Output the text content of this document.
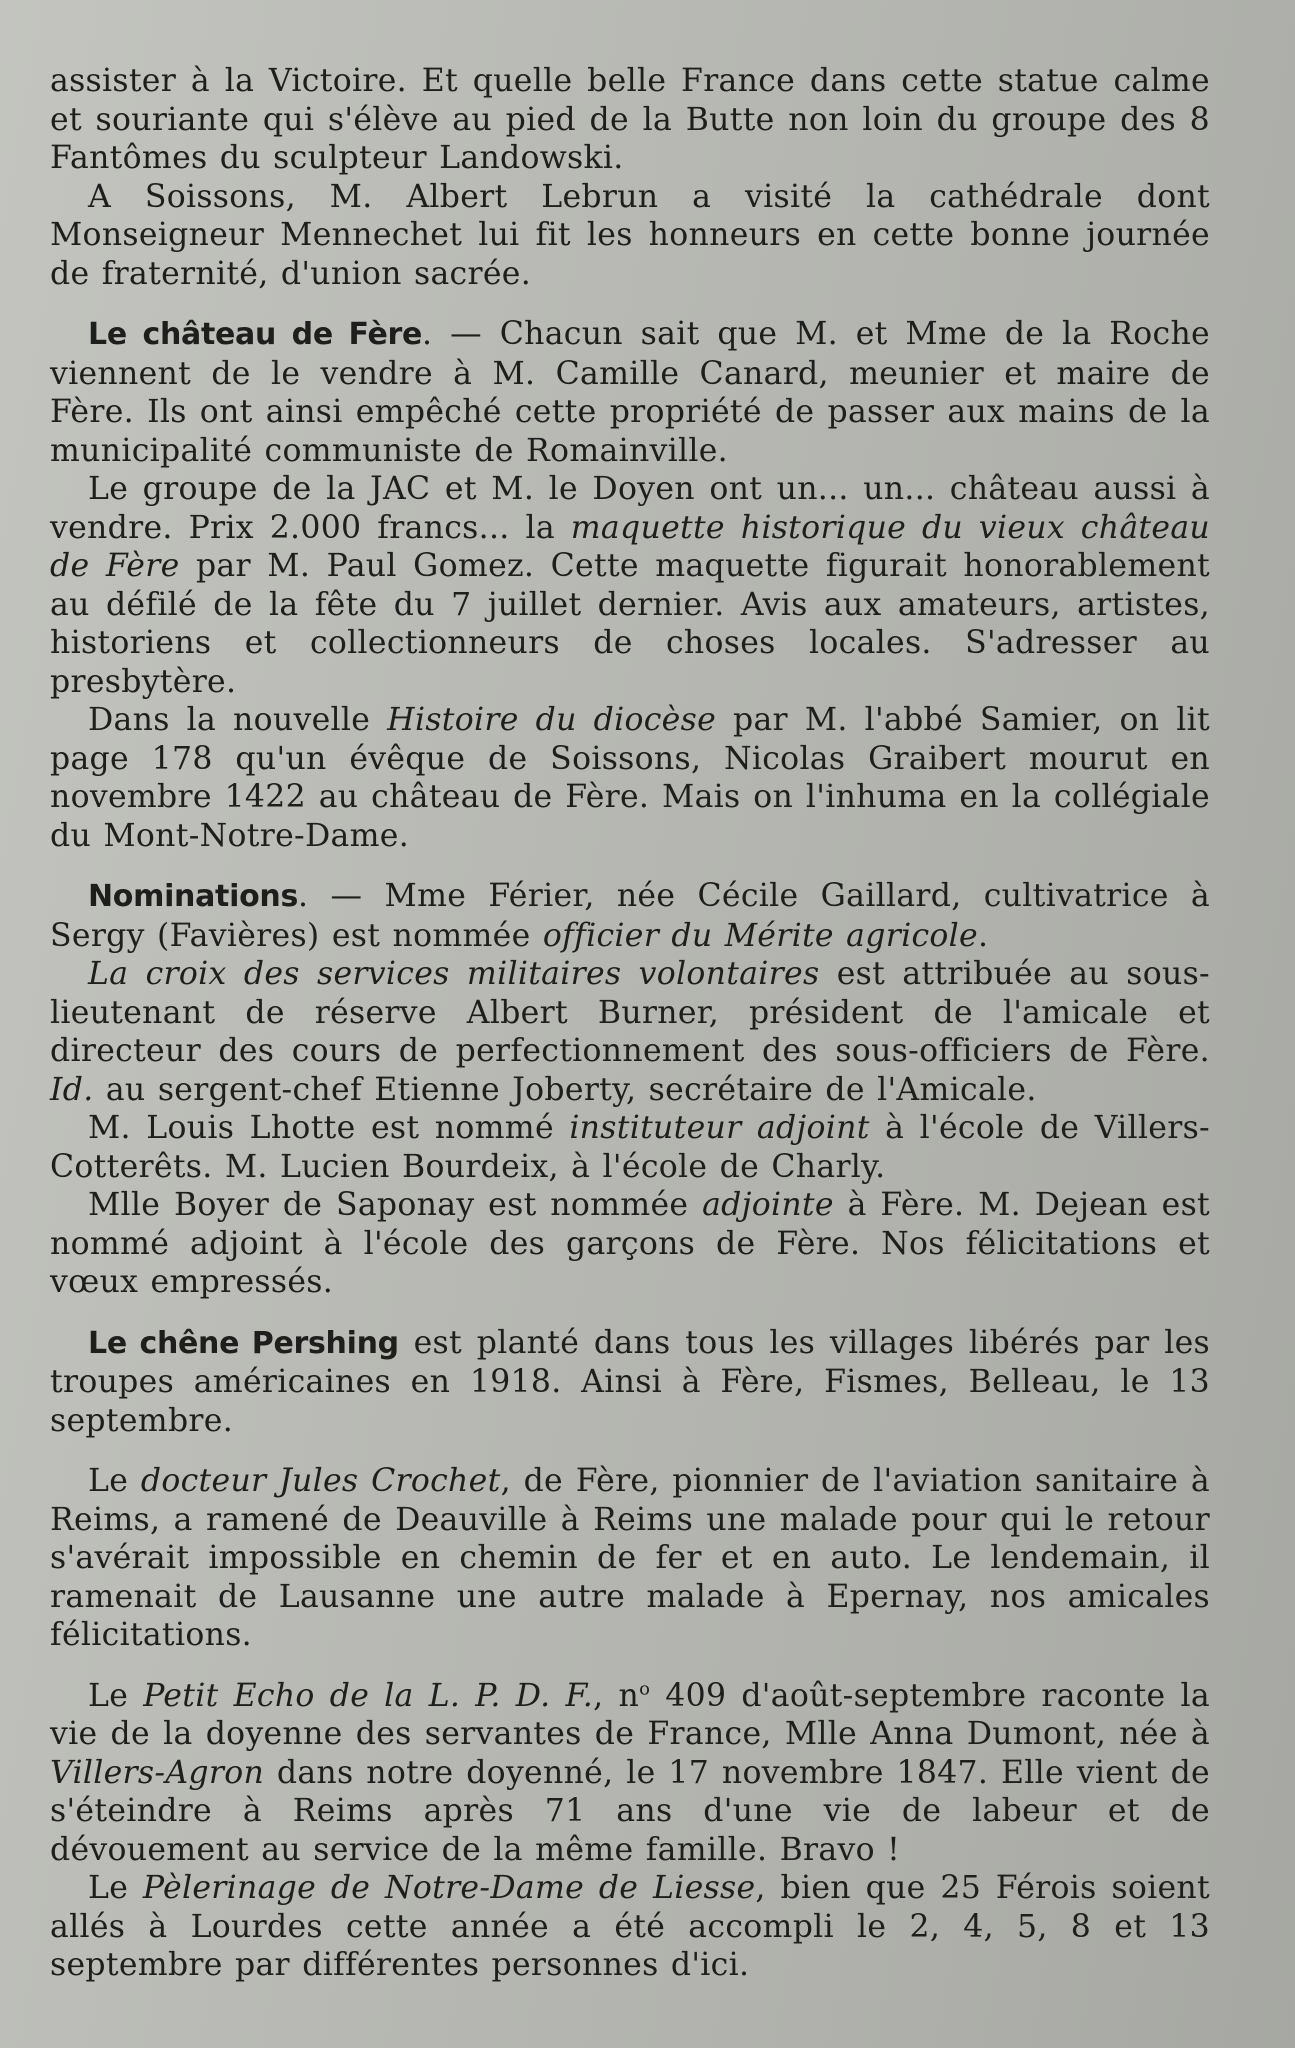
assister à la Victoire. Et quelle belle France dans cette statue calme et souriante qui s'élève au pied de la Butte non loin du groupe des 8 Fantômes du sculpteur Landowski.

A Soissons, M. Albert Lebrun a visité la cathédrale dont Monseigneur Mennechet lui fit les honneurs en cette bonne journée de fraternité, d'union sacrée.

Le château de Fère. — Chacun sait que M. et Mme de la Roche viennent de le vendre à M. Camille Canard, meunier et maire de Fère. Ils ont ainsi empêché cette propriété de passer aux mains de la municipalité communiste de Romainville.

Le groupe de la JAC et M. le Doyen ont un... un... château aussi à vendre. Prix 2.000 francs... la maquette historique du vieux château de Fère par M. Paul Gomez. Cette maquette figurait honorablement au défilé de la fête du 7 juillet dernier. Avis aux amateurs, artistes, historiens et collectionneurs de choses locales. S'adresser au presbytère.

Dans la nouvelle Histoire du diocèse par M. l'abbé Samier, on lit page 178 qu'un évêque de Soissons, Nicolas Graibert mourut en novembre 1422 au château de Fère. Mais on l'inhuma en la collégiale du Mont-Notre-Dame.

Nominations. — Mme Férier, née Cécile Gaillard, cultivatrice à Sergy (Favières) est nommée officier du Mérite agricole.

La croix des services militaires volontaires est attribuée au sous-lieutenant de réserve Albert Burner, président de l'amicale et directeur des cours de perfectionnement des sous-officiers de Fère. Id. au sergent-chef Etienne Joberty, secrétaire de l'Amicale.

M. Louis Lhotte est nommé instituteur adjoint à l'école de Villers-Cotterêts. M. Lucien Bourdeix, à l'école de Charly.

Mlle Boyer de Saponay est nommée adjointe à Fère. M. Dejean est nommé adjoint à l'école des garçons de Fère. Nos félicitations et vœux empressés.

Le chêne Pershing est planté dans tous les villages libérés par les troupes américaines en 1918. Ainsi à Fère, Fismes, Belleau, le 13 septembre.

Le docteur Jules Crochet, de Fère, pionnier de l'aviation sanitaire à Reims, a ramené de Deauville à Reims une malade pour qui le retour s'avérait impossible en chemin de fer et en auto. Le lendemain, il ramenait de Lausanne une autre malade à Epernay, nos amicales félicitations.

Le Petit Echo de la L. P. D. F., $n^o$ 409 d'août-septembre raconte la vie de la doyenne des servantes de France, Mlle Anna Dumont, née à Villers-Agron dans notre doyenné, le 17 novembre 1847. Elle vient de s'éteindre à Reims après 71 ans d'une vie de labeur et de dévouement au service de la même famille. Bravo !

Le Pèlerinage de Notre-Dame de Liesse, bien que 25 Férois soient allés à Lourdes cette année a été accompli le 2, 4, 5, 8 et 13 septembre par différentes personnes d'ici.
